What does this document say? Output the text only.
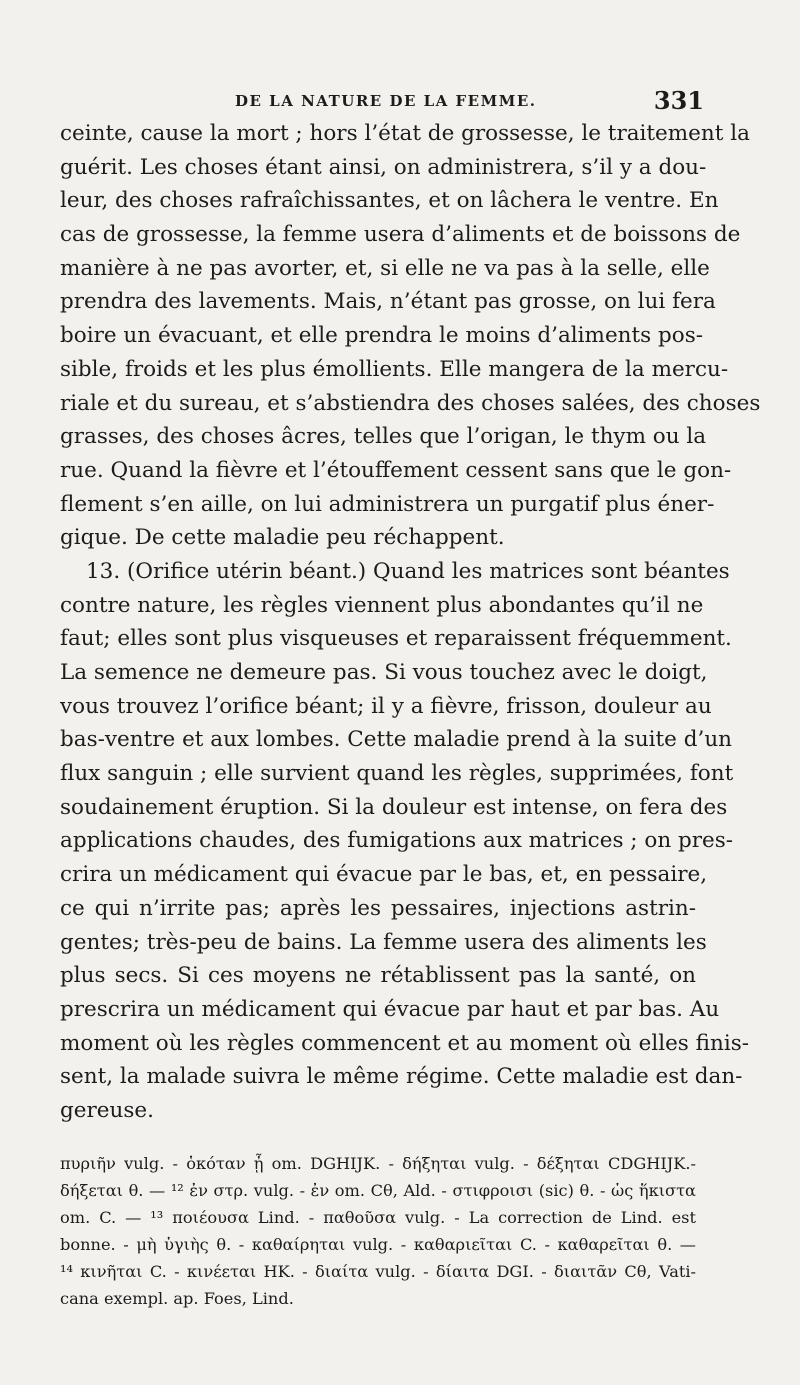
DE LA NATURE DE LA FEMME.	331
ceinte, cause la mort ; hors l’état de grossesse, le traitement la
guérit. Les choses étant ainsi, on administrera, s’il y a dou-
leur, des choses rafraîchissantes, et on lâchera le ventre. En
cas de grossesse, la femme usera d’aliments et de boissons de
manière à ne pas avorter, et, si elle ne va pas à la selle, elle
prendra des lavements. Mais, n’étant pas grosse, on lui fera
boire un évacuant, et elle prendra le moins d’aliments pos-
sible, froids et les plus émollients. Elle mangera de la mercu-
riale et du sureau, et s’abstiendra des choses salées, des choses
grasses, des choses âcres, telles que l’origan, le thym ou la
rue. Quand la fièvre et l’étouffement cessent sans que le gon-
flement s’en aille, on lui administrera un purgatif plus éner-
gique. De cette maladie peu réchappent.
13. (Orifice utérin béant.) Quand les matrices sont béantes
contre nature, les règles viennent plus abondantes qu’il ne
faut; elles sont plus visqueuses et reparaissent fréquemment.
La semence ne demeure pas. Si vous touchez avec le doigt,
vous trouvez l’orifice béant; il y a fièvre, frisson, douleur au
bas-ventre et aux lombes. Cette maladie prend à la suite d’un
flux sanguin ; elle survient quand les règles, supprimées, font
soudainement éruption. Si la douleur est intense, on fera des
applications chaudes, des fumigations aux matrices ; on pres-
crira un médicament qui évacue par le bas, et, en pessaire,
ce qui n’irrite pas; après les pessaires, injections astrin-
gentes; très-peu de bains. La femme usera des aliments les
plus secs. Si ces moyens ne rétablissent pas la santé, on
prescrira un médicament qui évacue par haut et par bas. Au
moment où les règles commencent et au moment où elles finis-
sent, la malade suivra le même régime. Cette maladie est dan-
gereuse.
πυριῆν vulg. - ὁκόταν ᾖ om. DGHIJK. - δήξηται vulg. - δέξηται CDGHIJK.-
δήξεται θ. — ¹² ἐν στρ. vulg. - ἐν om. Cθ, Ald. - στιφροισι (sic) θ. - ὡς ἥκιστα
om. C. — ¹³ ποιέουσα Lind. - παθοῦσα vulg. - La correction de Lind. est
bonne. - μὴ ὑγιὴς θ. - καθαίρηται vulg. - καθαριεῖται C. - καθαρεῖται θ. —
¹⁴ κινῆται C. - κινέεται HK. - διαίτα vulg. - δίαιτα DGI. - διαιτᾶν Cθ, Vati-
cana exempl. ap. Foes, Lind.
